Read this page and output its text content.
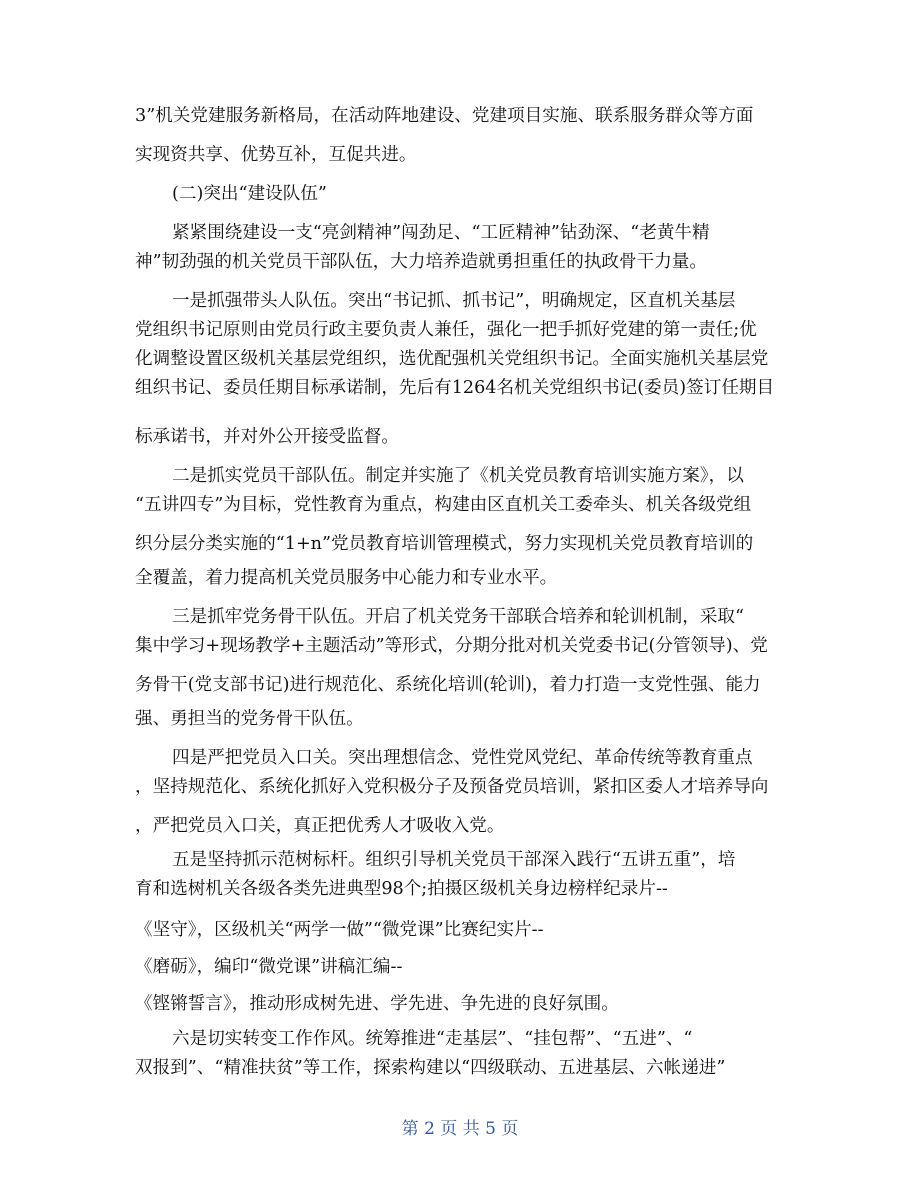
3”机关党建服务新格局，在活动阵地建设、党建项目实施、联系服务群众等方面
实现资共享、优势互补，互促共进。
(二)突出“建设队伍”
紧紧围绕建设一支“亮剑精神”闯劲足、“工匠精神”钻劲深、“老黄牛精
神”韧劲强的机关党员干部队伍，大力培养造就勇担重任的执政骨干力量。
一是抓强带头人队伍。突出“书记抓、抓书记”，明确规定，区直机关基层
党组织书记原则由党员行政主要负责人兼任，强化一把手抓好党建的第一责任;优
化调整设置区级机关基层党组织，选优配强机关党组织书记。全面实施机关基层党
组织书记、委员任期目标承诺制，先后有1264名机关党组织书记(委员)签订任期目
标承诺书，并对外公开接受监督。
二是抓实党员干部队伍。制定并实施了《机关党员教育培训实施方案》，以
“五讲四专”为目标，党性教育为重点，构建由区直机关工委牵头、机关各级党组
织分层分类实施的“1+n”党员教育培训管理模式，努力实现机关党员教育培训的
全覆盖，着力提高机关党员服务中心能力和专业水平。
三是抓牢党务骨干队伍。开启了机关党务干部联合培养和轮训机制，采取“
集中学习+现场教学+主题活动”等形式，分期分批对机关党委书记(分管领导)、党
务骨干(党支部书记)进行规范化、系统化培训(轮训)，着力打造一支党性强、能力
强、勇担当的党务骨干队伍。
四是严把党员入口关。突出理想信念、党性党风党纪、革命传统等教育重点
，坚持规范化、系统化抓好入党积极分子及预备党员培训，紧扣区委人才培养导向
，严把党员入口关，真正把优秀人才吸收入党。
五是坚持抓示范树标杆。组织引导机关党员干部深入践行“五讲五重”，培
育和选树机关各级各类先进典型98个;拍摄区级机关身边榜样纪录片--
《坚守》，区级机关“两学一做”“微党课”比赛纪实片--
《磨砺》，编印“微党课”讲稿汇编--
《铿锵誓言》，推动形成树先进、学先进、争先进的良好氛围。
六是切实转变工作作风。统筹推进“走基层”、“挂包帮”、“五进”、“
双报到”、“精准扶贫”等工作，探索构建以“四级联动、五进基层、六帐递进”
第 2 页 共 5 页
